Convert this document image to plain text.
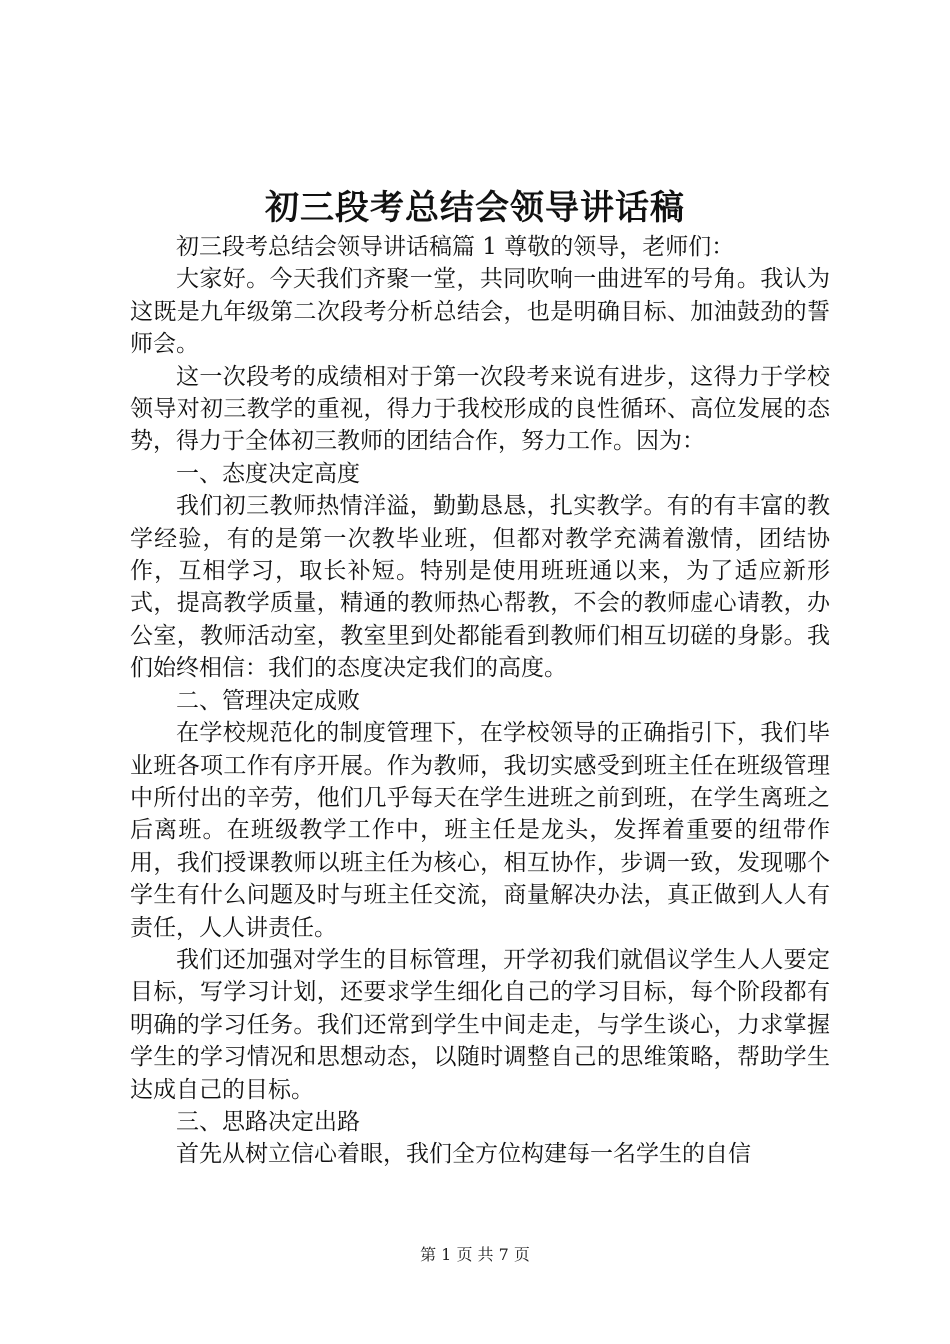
初三段考总结会领导讲话稿

初三段考总结会领导讲话稿篇 1 尊敬的领导，老师们：

大家好。今天我们齐聚一堂，共同吹响一曲进军的号角。我认为这既是九年级第二次段考分析总结会，也是明确目标、加油鼓劲的誓师会。

这一次段考的成绩相对于第一次段考来说有进步，这得力于学校领导对初三教学的重视，得力于我校形成的良性循环、高位发展的态势，得力于全体初三教师的团结合作，努力工作。因为：

一、态度决定高度

我们初三教师热情洋溢，勤勤恳恳，扎实教学。有的有丰富的教学经验，有的是第一次教毕业班，但都对教学充满着激情，团结协作，互相学习，取长补短。特别是使用班班通以来，为了适应新形式，提高教学质量，精通的教师热心帮教，不会的教师虚心请教，办公室，教师活动室，教室里到处都能看到教师们相互切磋的身影。我们始终相信：我们的态度决定我们的高度。

二、管理决定成败

在学校规范化的制度管理下，在学校领导的正确指引下，我们毕业班各项工作有序开展。作为教师，我切实感受到班主任在班级管理中所付出的辛劳，他们几乎每天在学生进班之前到班，在学生离班之后离班。在班级教学工作中，班主任是龙头，发挥着重要的纽带作用，我们授课教师以班主任为核心，相互协作，步调一致，发现哪个学生有什么问题及时与班主任交流，商量解决办法，真正做到人人有责任，人人讲责任。

我们还加强对学生的目标管理，开学初我们就倡议学生人人要定目标，写学习计划，还要求学生细化自己的学习目标，每个阶段都有明确的学习任务。我们还常到学生中间走走，与学生谈心，力求掌握学生的学习情况和思想动态，以随时调整自己的思维策略，帮助学生达成自己的目标。

三、思路决定出路

首先从树立信心着眼，我们全方位构建每一名学生的自信

第 1 页 共 7 页
